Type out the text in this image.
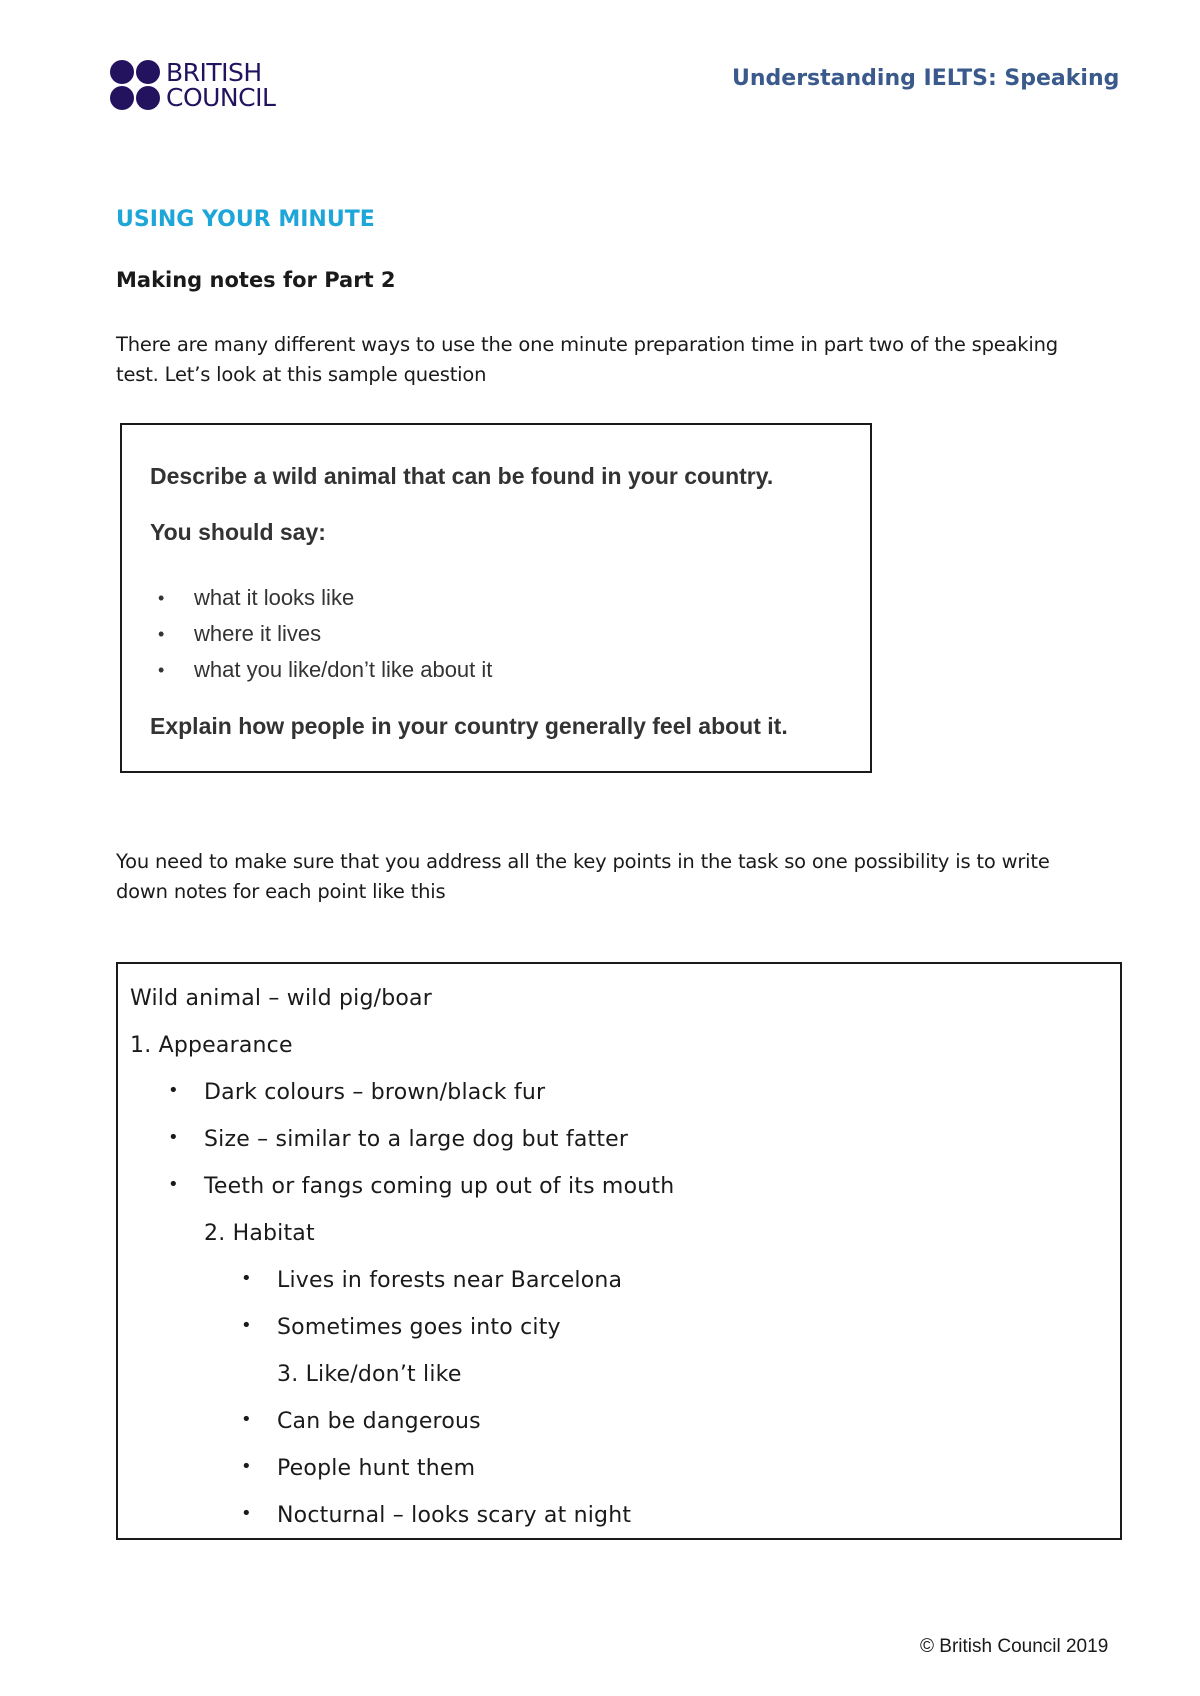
BRITISH
COUNCIL
Understanding IELTS: Speaking
USING YOUR MINUTE
Making notes for Part 2
There are many different ways to use the one minute preparation time in part two of the speaking test. Let’s look at this sample question
Describe a wild animal that can be found in your country.
You should say:
• what it looks like
• where it lives
• what you like/don’t like about it
Explain how people in your country generally feel about it.
You need to make sure that you address all the key points in the task so one possibility is to write down notes for each point like this
Wild animal – wild pig/boar
1. Appearance
• Dark colours – brown/black fur
• Size – similar to a large dog but fatter
• Teeth or fangs coming up out of its mouth
2. Habitat
• Lives in forests near Barcelona
• Sometimes goes into city
3. Like/don’t like
• Can be dangerous
• People hunt them
• Nocturnal – looks scary at night
© British Council 2019
